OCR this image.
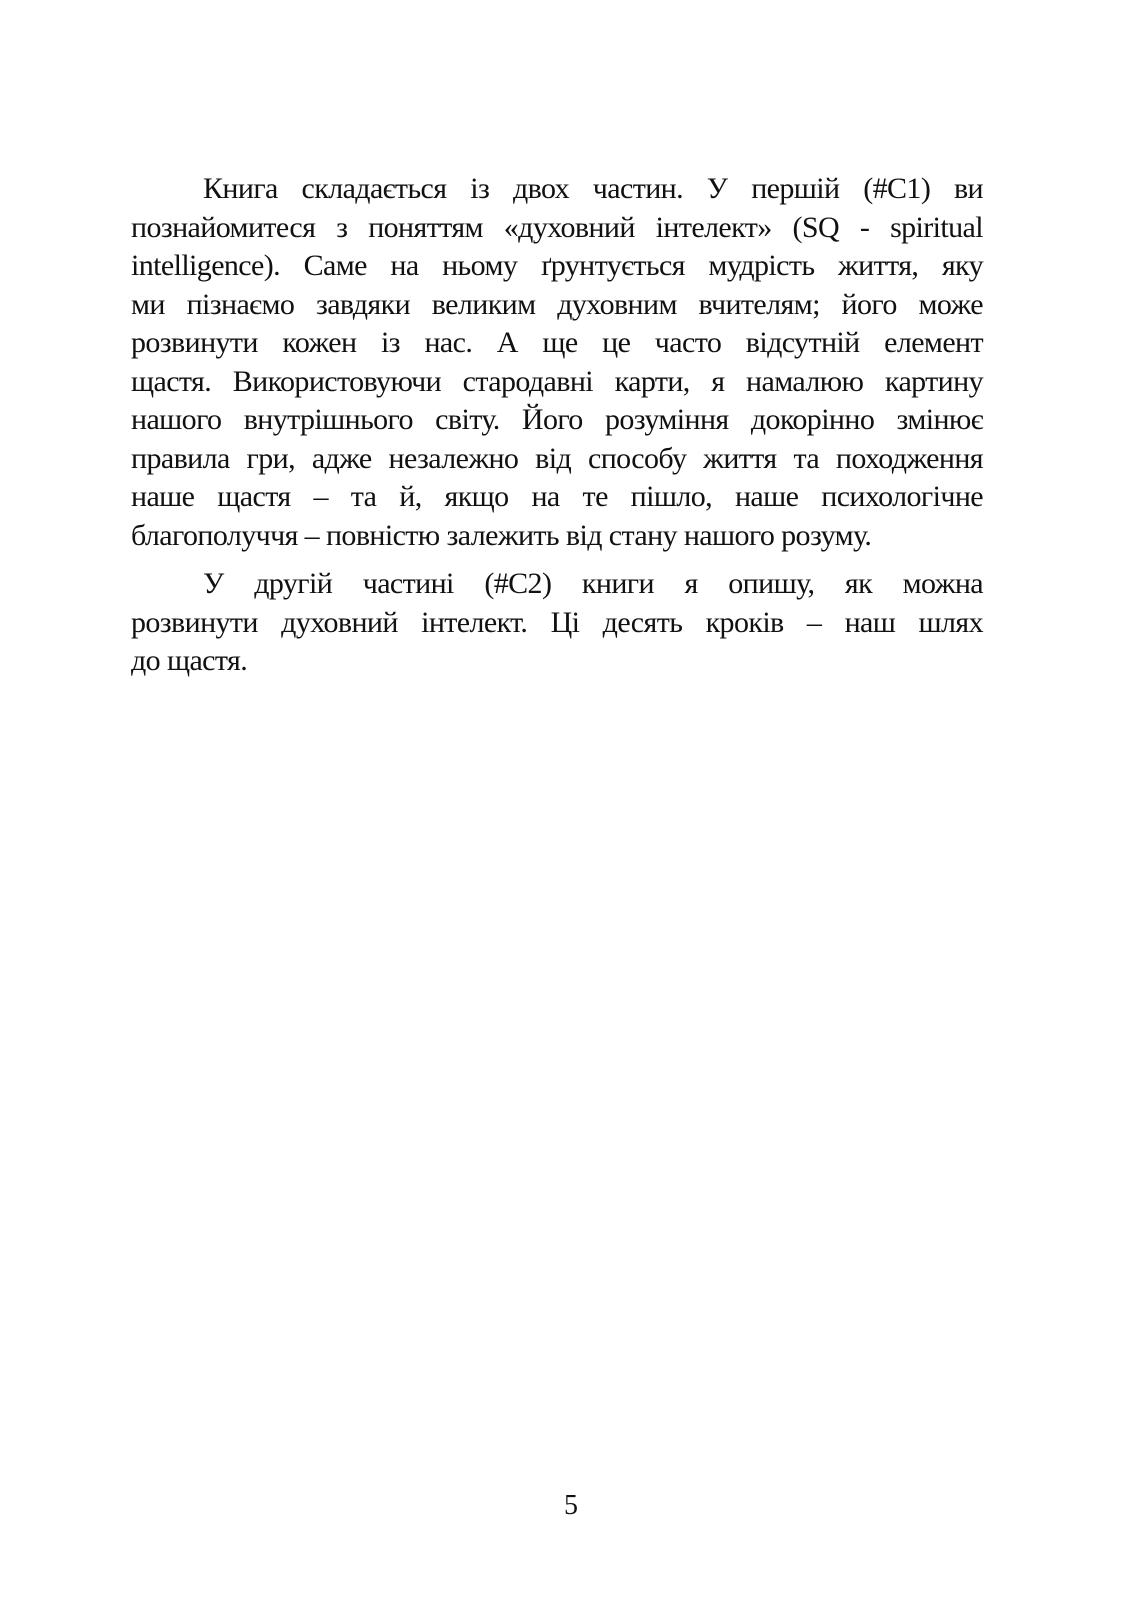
Книга складається із двох частин. У першій (#C1) ви
познайомитеся з поняттям «духовний інтелект» (SQ - spiritual
intelligence). Саме на ньому ґрунтується мудрість життя, яку
ми пізнаємо завдяки великим духовним вчителям; його може
розвинути кожен із нас. А ще це часто відсутній елемент
щастя. Використовуючи стародавні карти, я намалюю картину
нашого внутрішнього світу. Його розуміння докорінно змінює
правила гри, адже незалежно від способу життя та походження
наше щастя – та й, якщо на те пішло, наше психологічне
благополуччя – повністю залежить від стану нашого розуму.
У другій частині (#C2) книги я опишу, як можна
розвинути духовний інтелект. Ці десять кроків – наш шлях
до щастя.
5
